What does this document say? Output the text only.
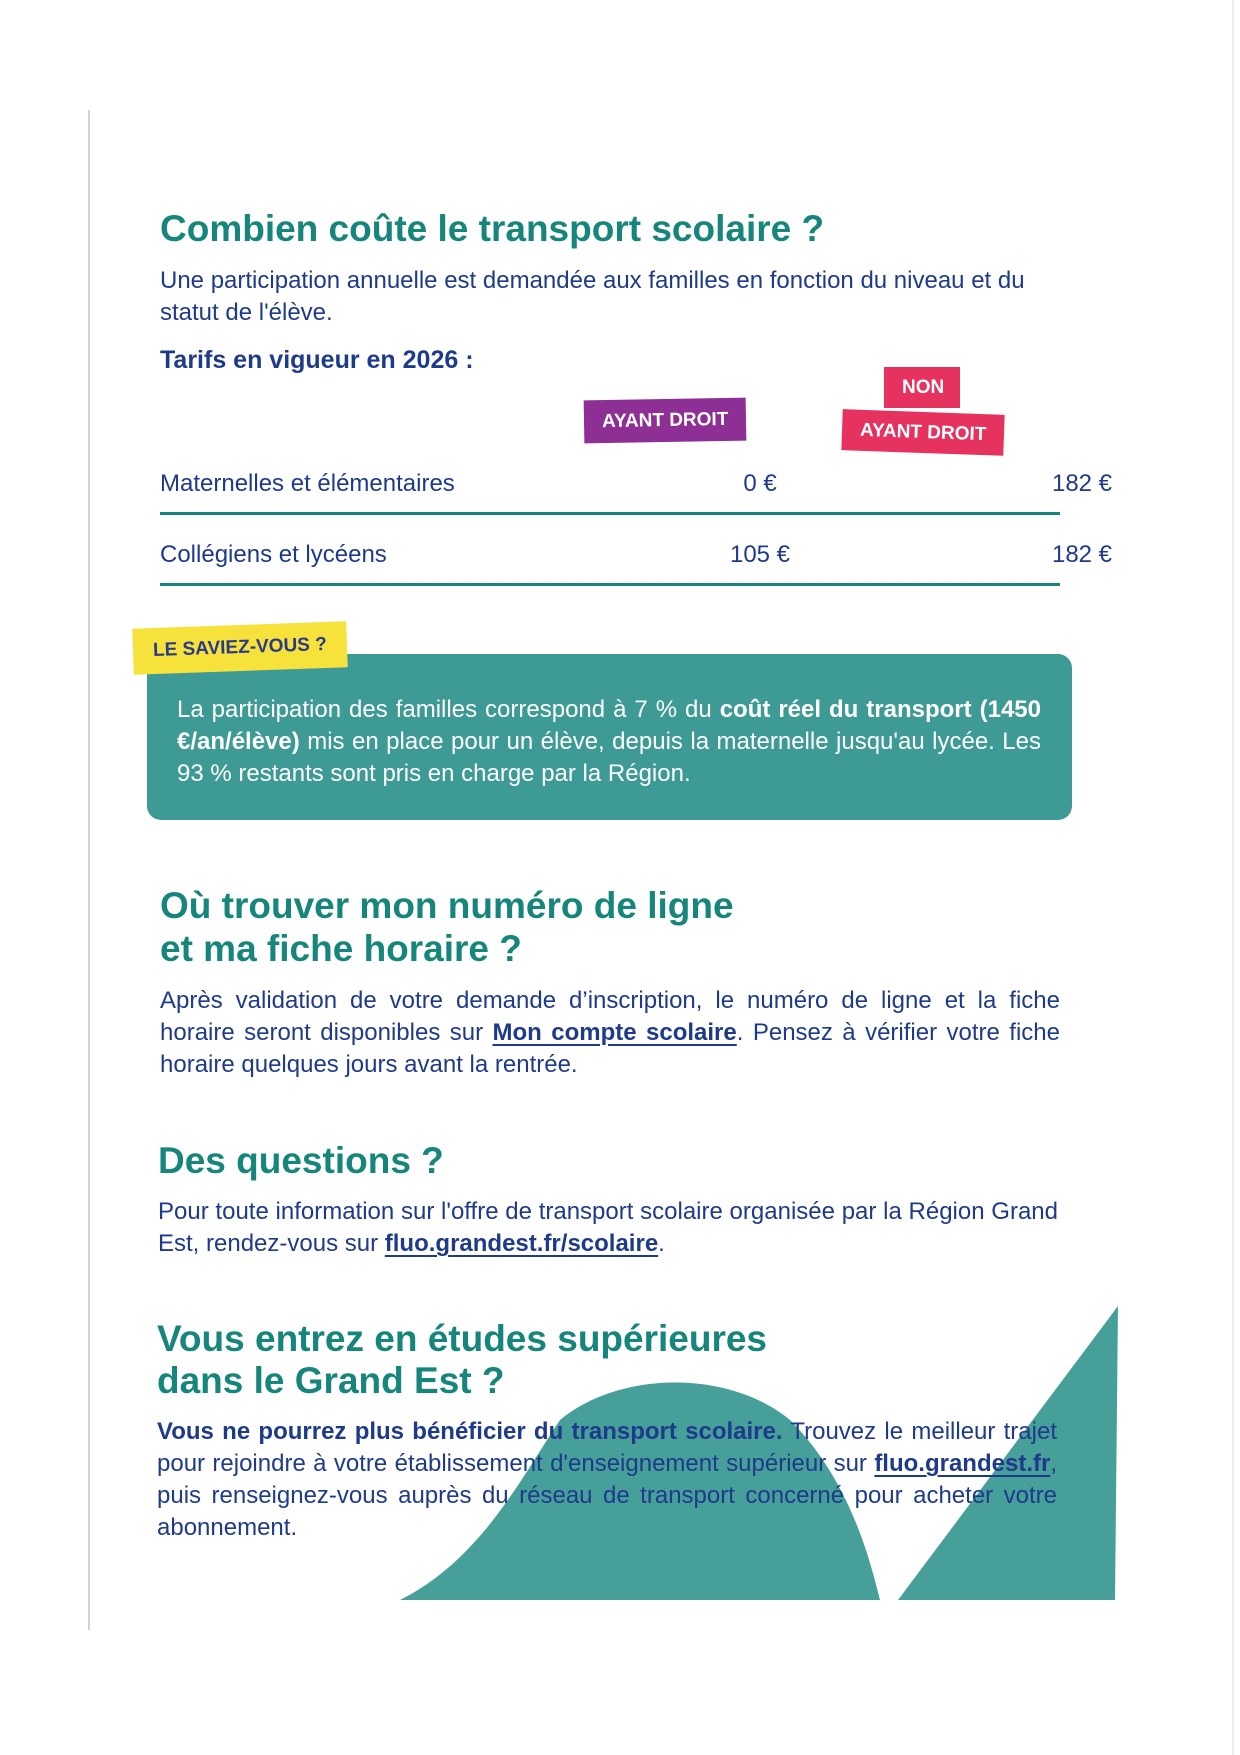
Combien coûte le transport scolaire ?

Une participation annuelle est demandée aux familles en fonction du niveau et du statut de l'élève.

Tarifs en vigueur en 2026 :
AYANT DROIT
NON
AYANT DROIT
Maternelles et élémentaires	0 €	182 €
Collégiens et lycéens	105 €	182 €

La participation des familles correspond à 7 % du coût réel du transport (1450 €/an/élève) mis en place pour un élève, depuis la maternelle jusqu'au lycée. Les 93 % restants sont pris en charge par la Région.

LE SAVIEZ-VOUS ?
Où trouver mon numéro de ligne
et ma fiche horaire ?

Après validation de votre demande d’inscription, le numéro de ligne et la fiche horaire seront disponibles sur Mon compte scolaire. Pensez à vérifier votre fiche horaire quelques jours avant la rentrée.

Des questions ?

Pour toute information sur l'offre de transport scolaire organisée par la Région Grand Est, rendez-vous sur fluo.grandest.fr/scolaire.

Vous entrez en études supérieures
dans le Grand Est ?

Vous ne pourrez plus bénéficier du transport scolaire. Trouvez le meilleur trajet pour rejoindre à votre établissement d'enseignement supérieur sur fluo.grandest.fr, puis renseignez-vous auprès du réseau de transport concerné pour acheter votre abonnement.
